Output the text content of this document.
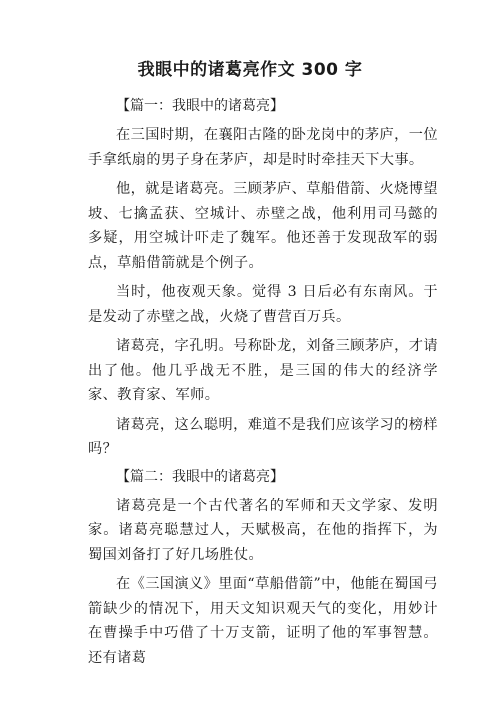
我眼中的诸葛亮作文 300 字
【篇一：我眼中的诸葛亮】
在三国时期，在襄阳古隆的卧龙岗中的茅庐，一位手拿纸扇的男子身在茅庐，却是时时牵挂天下大事。
他，就是诸葛亮。三顾茅庐、草船借箭、火烧博望坡、七擒孟获、空城计、赤壁之战，他利用司马懿的多疑，用空城计吓走了魏军。他还善于发现敌军的弱点，草船借箭就是个例子。
当时，他夜观天象。觉得 3 日后必有东南风。于是发动了赤壁之战，火烧了曹营百万兵。
诸葛亮，字孔明。号称卧龙，刘备三顾茅庐，才请出了他。他几乎战无不胜，是三国的伟大的经济学家、教育家、军师。
诸葛亮，这么聪明，难道不是我们应该学习的榜样吗？
【篇二：我眼中的诸葛亮】
诸葛亮是一个古代著名的军师和天文学家、发明家。诸葛亮聪慧过人，天赋极高，在他的指挥下，为蜀国刘备打了好几场胜仗。
在《三国演义》里面“草船借箭”中，他能在蜀国弓箭缺少的情况下，用天文知识观天气的变化，用妙计在曹操手中巧借了十万支箭，证明了他的军事智慧。还有诸葛
